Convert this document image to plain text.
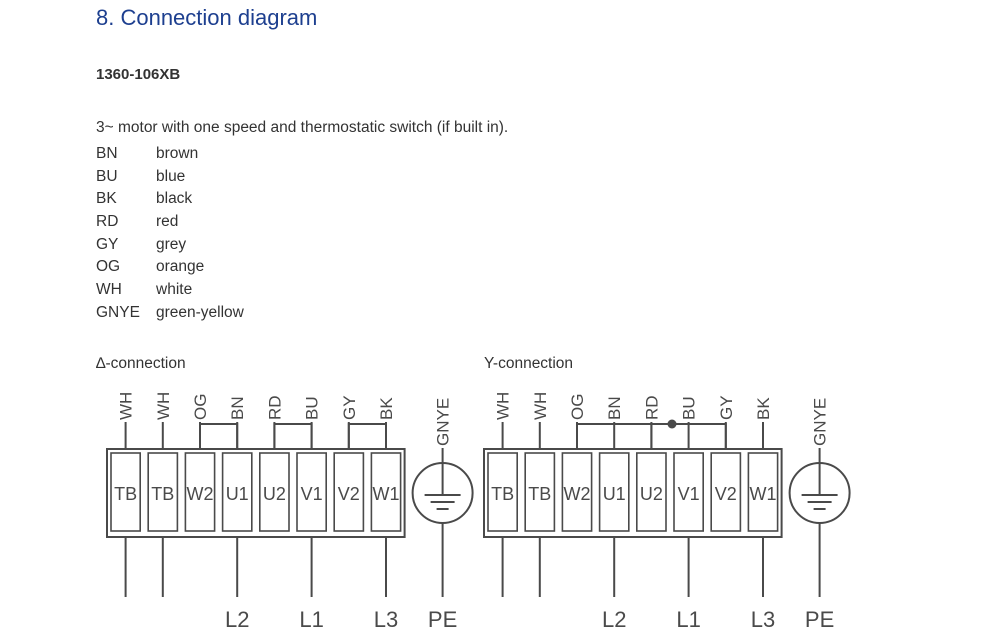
8. Connection diagram
1360-106XB
3~ motor with one speed and thermostatic switch (if built in).
BN brown
BU blue
BK	black
RD red
GY grey
OG orange
WH white
GNYE green-yellow
∆-connection	Y-connection
TB TB W2 U1 U2 V1 V2 W1
WH WH OG BN RD BU GY BK
L2 L1 L3
GNYE
PE
TB TB W2 U1 U2 V1 V2 W1
WH WH OG BN RD BU GY BK
L2 L1 L3
GNYE
PE
